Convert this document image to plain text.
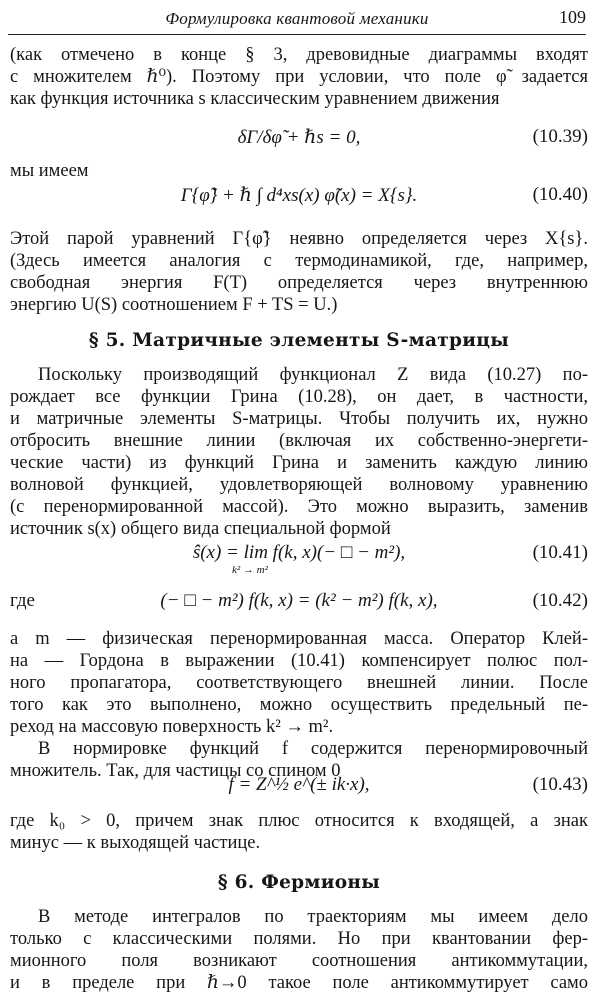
Формулировка квантовой механики	109

(как отмечено в конце § 3, древовидные диаграммы входят
с множителем ℏ⁰). Поэтому при условии, что поле φ̃ задается
как функция источника s классическим уравнением движения

δΓ/δφ̃ + ℏs = 0,	(10.39)

мы имеем

Γ{φ̃} + ℏ ∫ d⁴xs(x) φ̃(x) = X{s}.	(10.40)

Этой парой уравнений Γ{φ̃} неявно определяется через X{s}.
(Здесь имеется аналогия с термодинамикой, где, например,
свободная энергия F(T) определяется через внутреннюю
энергию U(S) соотношением F + TS = U.)

§ 5. Матричные элементы S-матрицы

Поскольку производящий функционал Z вида (10.27) по-
рождает все функции Грина (10.28), он дает, в частности,
и матричные элементы S-матрицы. Чтобы получить их, нужно
отбросить внешние линии (включая их собственно-энергети-
ческие части) из функций Грина и заменить каждую линию
волновой функцией, удовлетворяющей волновому уравнению
(с перенормированной массой). Это можно выразить, заменив
источник s(x) общего вида специальной формой

ŝ(x) = lim f(k, x)(− □ − m²),
k² → m²
(10.41)
где	(− □ − m²) f(k, x) = (k² − m²) f(k, x),	(10.42)

а m — физическая перенормированная масса. Оператор Клей-
на — Гордона в выражении (10.41) компенсирует полюс пол-
ного пропагатора, соответствующего внешней линии. После
того как это выполнено, можно осуществить предельный пе-
реход на массовую поверхность k² → m².

В нормировке функций f содержится перенормировочный
множитель. Так, для частицы со спином 0

f = Z^½ e^(± ik·x),	(10.43)

где k₀ > 0, причем знак плюс относится к входящей, а знак
минус — к выходящей частице.

§ 6. Фермионы

В методе интегралов по траекториям мы имеем дело
только с классическими полями. Но при квантовании фер-
мионного поля возникают соотношения антикоммутации,
и в пределе при ℏ→0 такое поле антикоммутирует само
